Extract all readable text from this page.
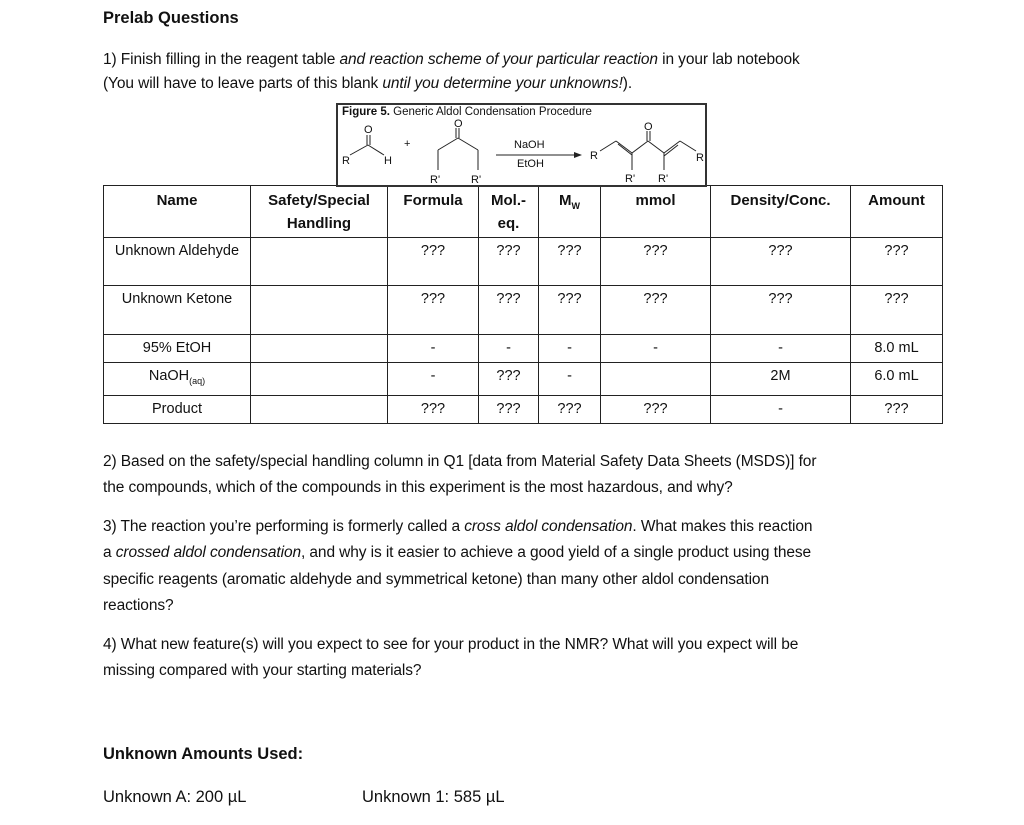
Prelab Questions
1) Finish filling in the reagent table and reaction scheme of your particular reaction in your lab notebook
(You will have to leave parts of this blank until you determine your unknowns!).
Name	Safety/Special Handling	Formula	Mol.-eq.	$M_W$	mmol	Density/Conc.	Amount
Unknown Aldehyde		???	???	???	???	???	???
Unknown Ketone		???	???	???	???	???	???
95% EtOH		-	-	-	-	-	8.0 mL
NaOH$_{(aq)}$		-	???	-		2M	6.0 mL
Product		???	???	???	???	-	???
Figure 5. Generic Aldol Condensation Procedure
O
R	H
+
O
R'	R'
NaOH
EtOH
R	R
O
R' R'
2) Based on the safety/special handling column in Q1 [data from Material Safety Data Sheets (MSDS)] for
the compounds, which of the compounds in this experiment is the most hazardous, and why?
3) The reaction you’re performing is formerly called a cross aldol condensation. What makes this reaction
a crossed aldol condensation, and why is it easier to achieve a good yield of a single product using these
specific reagents (aromatic aldehyde and symmetrical ketone) than many other aldol condensation
reactions?
4) What new feature(s) will you expect to see for your product in the NMR? What will you expect will be
missing compared with your starting materials?
Unknown Amounts Used:
Unknown A: 200 µL	Unknown 1: 585 µL
